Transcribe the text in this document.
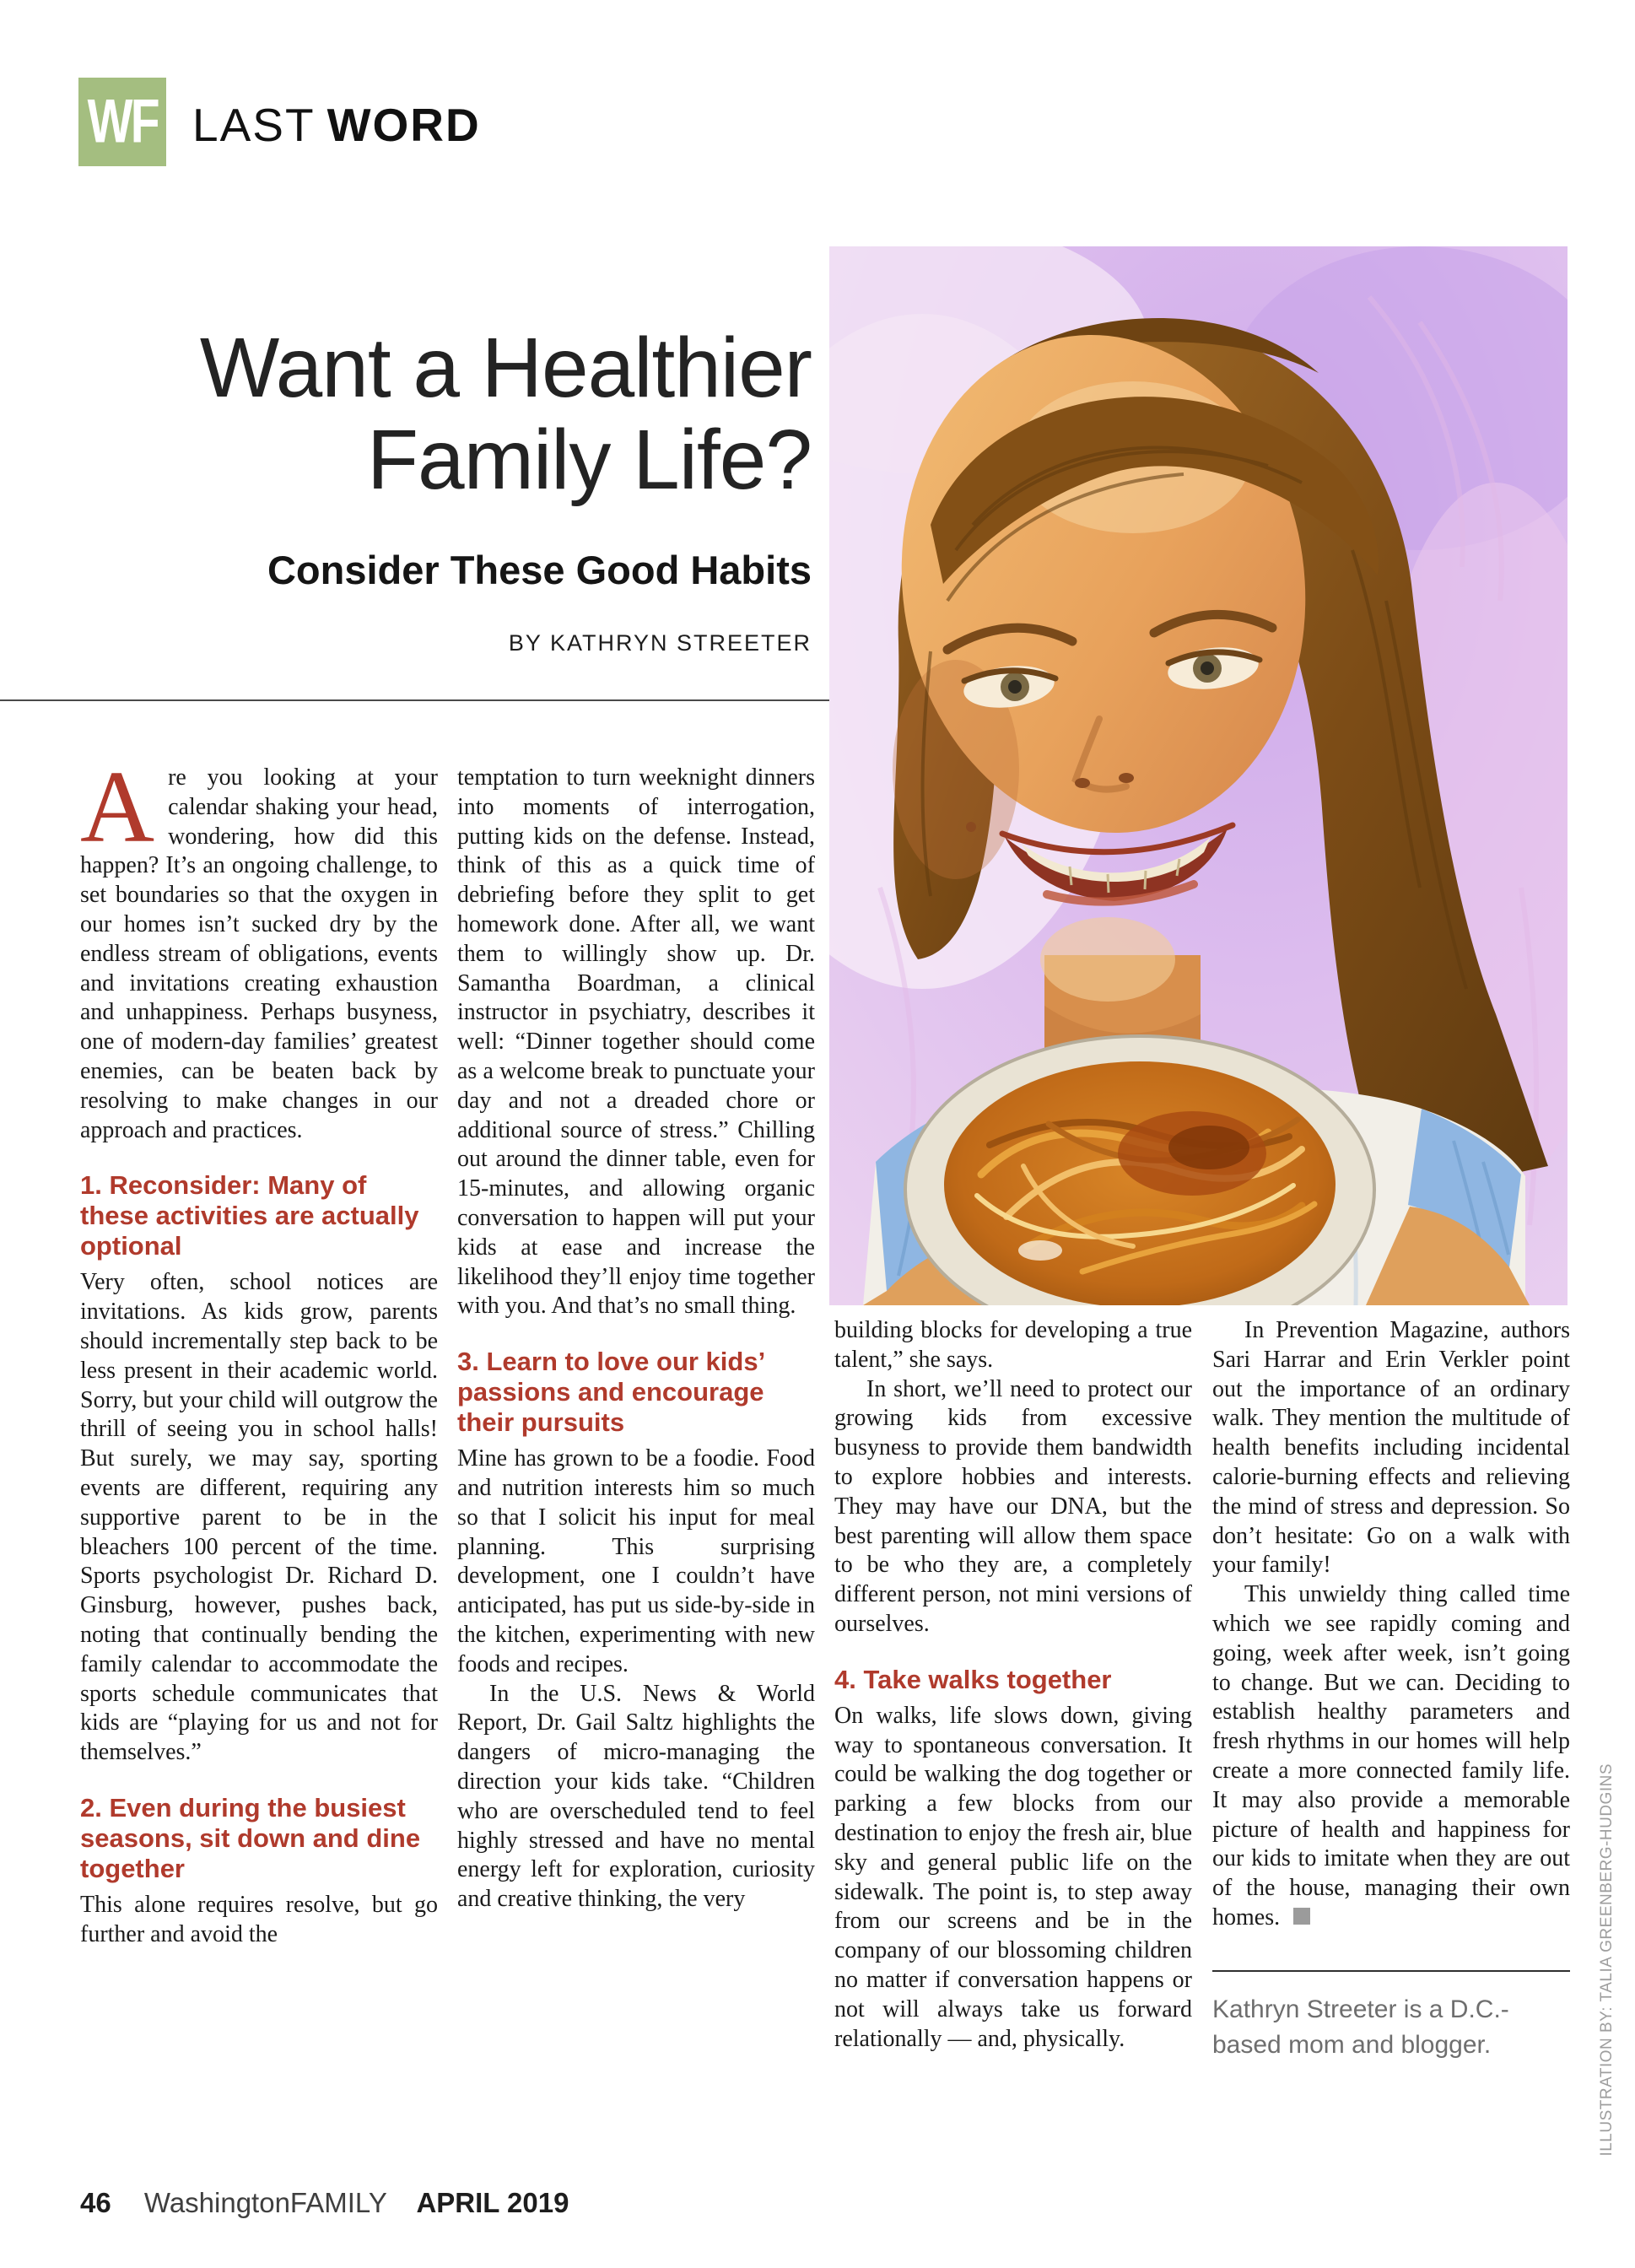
WF LAST WORD
Want a Healthier
Family Life?
Consider These Good Habits
BY KATHRYN STREETER

Are you looking at your calendar shaking your head, wondering, how did this happen? It’s an ongoing challenge, to set boundaries so that the oxygen in our homes isn’t sucked dry by the endless stream of obligations, events and invitations creating exhaustion and unhappiness. Perhaps busyness, one of modern-day families’ greatest enemies, can be beaten back by resolving to make changes in our approach and practices.

1. Reconsider: Many of these activities are actually optional

Very often, school notices are invitations. As kids grow, parents should incrementally step back to be less present in their academic world. Sorry, but your child will outgrow the thrill of seeing you in school halls! But surely, we may say, sporting events are different, requiring any supportive parent to be in the bleachers 100 percent of the time. Sports psychologist Dr. Richard D. Ginsburg, however, pushes back, noting that continually bending the family calendar to accommodate the sports schedule communicates that kids are “playing for us and not for themselves.”

2. Even during the busiest seasons, sit down and dine together

This alone requires resolve, but go further and avoid the

temptation to turn weeknight dinners into moments of interrogation, putting kids on the defense. Instead, think of this as a quick time of debriefing before they split to get homework done. After all, we want them to willingly show up. Dr. Samantha Boardman, a clinical instructor in psychiatry, describes it well: “Dinner together should come as a welcome break to punctuate your day and not a dreaded chore or additional source of stress.” Chilling out around the dinner table, even for 15-minutes, and allowing organic conversation to happen will put your kids at ease and increase the likelihood they’ll enjoy time together with you. And that’s no small thing.

3. Learn to love our kids’ passions and encourage their pursuits

Mine has grown to be a foodie. Food and nutrition interests him so much so that I solicit his input for meal planning. This surprising development, one I couldn’t have anticipated, has put us side-by-side in the kitchen, experimenting with new foods and recipes.

In the U.S. News & World Report, Dr. Gail Saltz highlights the dangers of micro-managing the direction your kids take. “Children who are overscheduled tend to feel highly stressed and have no mental energy left for exploration, curiosity and creative thinking, the very

building blocks for developing a true talent,” she says.

In short, we’ll need to protect our growing kids from excessive busyness to provide them bandwidth to explore hobbies and interests. They may have our DNA, but the best parenting will allow them space to be who they are, a completely different person, not mini versions of ourselves.

4. Take walks together

On walks, life slows down, giving way to spontaneous conversation. It could be walking the dog together or parking a few blocks from our destination to enjoy the fresh air, blue sky and general public life on the sidewalk. The point is, to step away from our screens and be in the company of our blossoming children no matter if conversation happens or not will always take us forward relationally — and, physically.

In Prevention Magazine, authors Sari Harrar and Erin Verkler point out the importance of an ordinary walk. They mention the multitude of health benefits including incidental calorie-burning effects and relieving the mind of stress and depression. So don’t hesitate: Go on a walk with your family!

This unwieldy thing called time which we see rapidly coming and going, week after week, isn’t going to change. But we can. Deciding to establish healthy parameters and fresh rhythms in our homes will help create a more connected family life. It may also provide a memorable picture of health and happiness for our kids to imitate when they are out of the house, managing their own homes.

Kathryn Streeter is a D.C.-based mom and blogger.
46 WashingtonFAMILY APRIL 2019
ILLUSTRATION BY: TALIA GREENBERG-HUDGINS
